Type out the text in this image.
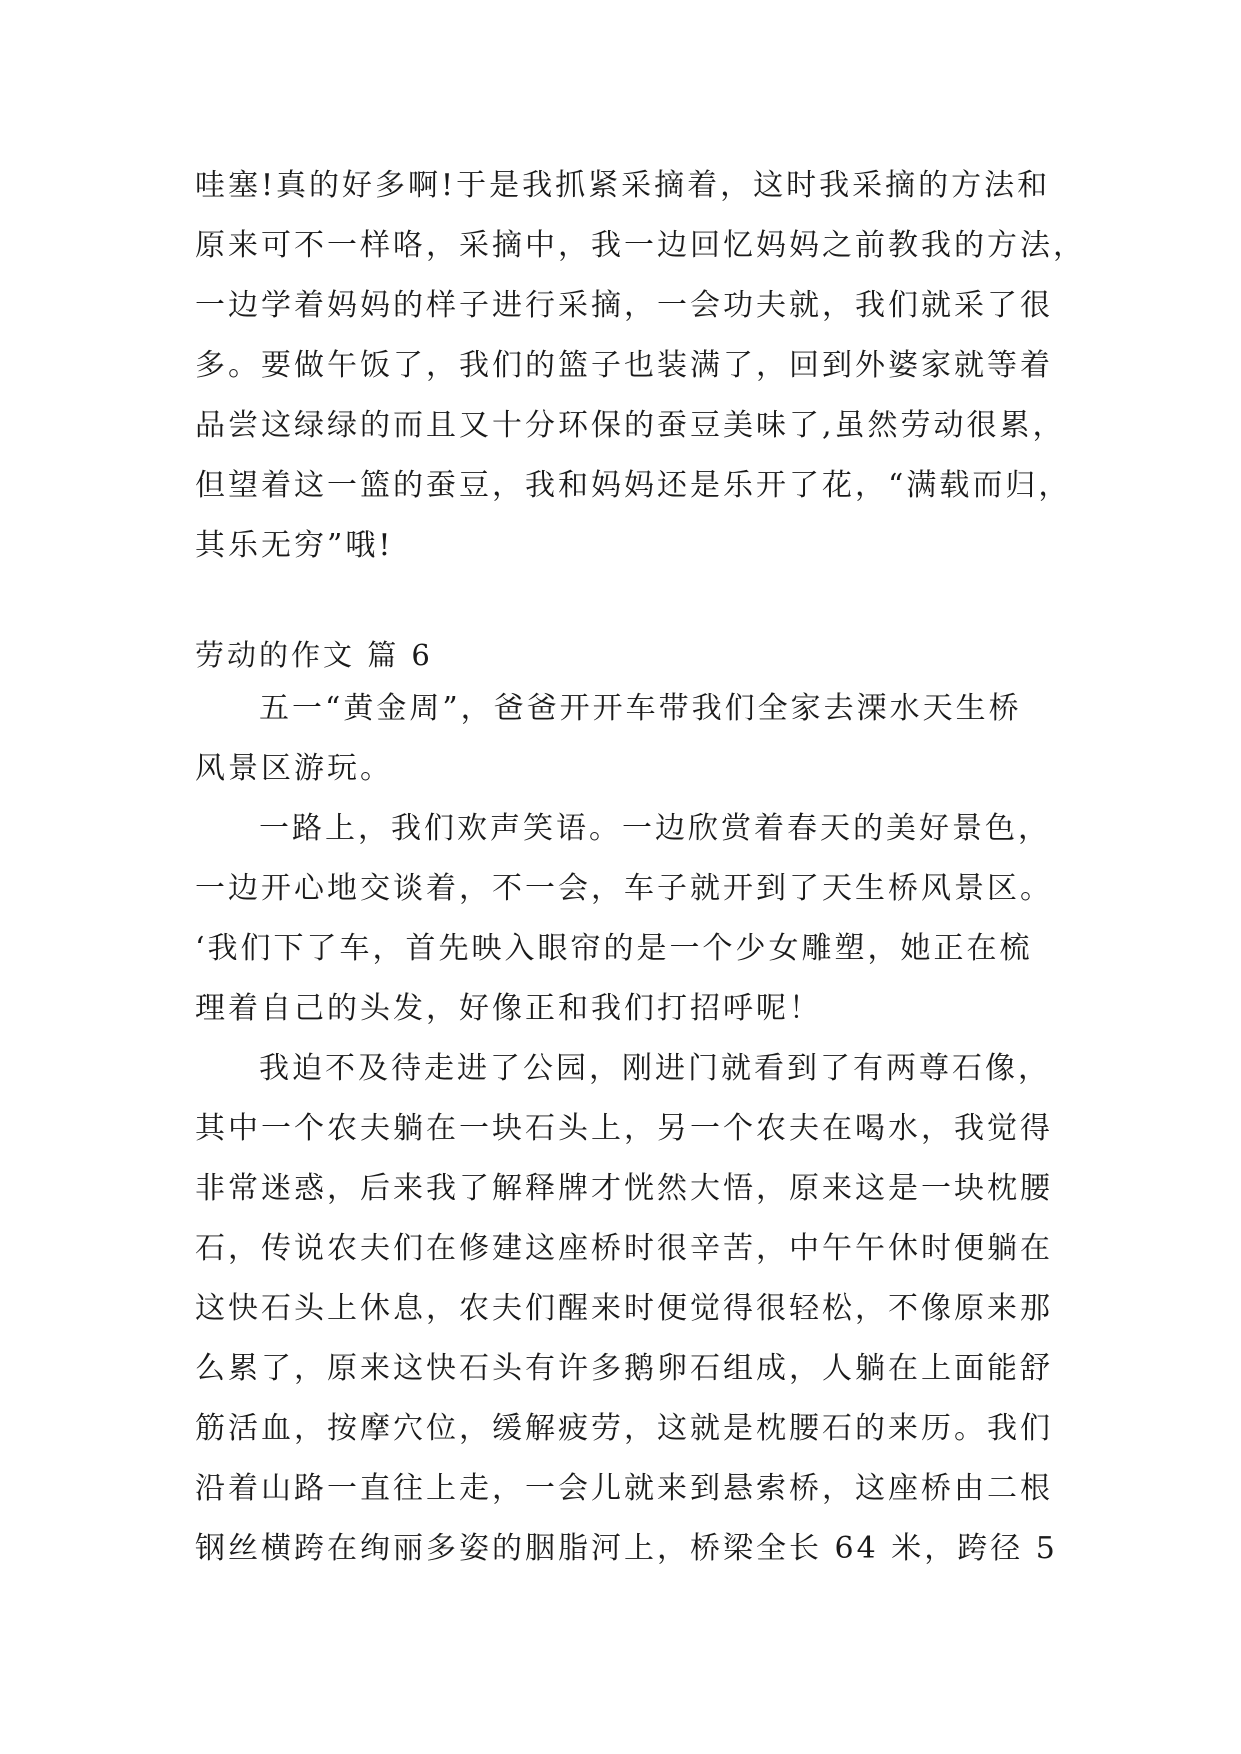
哇塞!真的好多啊!于是我抓紧采摘着，这时我采摘的方法和
原来可不一样咯，采摘中，我一边回忆妈妈之前教我的方法，
一边学着妈妈的样子进行采摘，一会功夫就，我们就采了很
多。要做午饭了，我们的篮子也装满了，回到外婆家就等着
品尝这绿绿的而且又十分环保的蚕豆美味了,虽然劳动很累，
但望着这一篮的蚕豆，我和妈妈还是乐开了花，“满载而归，
其乐无穷”哦!
劳动的作文 篇 6
五一“黄金周”，爸爸开开车带我们全家去溧水天生桥
风景区游玩。
一路上，我们欢声笑语。一边欣赏着春天的美好景色，
一边开心地交谈着，不一会，车子就开到了天生桥风景区。
‘我们下了车，首先映入眼帘的是一个少女雕塑，她正在梳
理着自己的头发，好像正和我们打招呼呢！
我迫不及待走进了公园，刚进门就看到了有两尊石像，
其中一个农夫躺在一块石头上，另一个农夫在喝水，我觉得
非常迷惑，后来我了解释牌才恍然大悟，原来这是一块枕腰
石，传说农夫们在修建这座桥时很辛苦，中午午休时便躺在
这快石头上休息，农夫们醒来时便觉得很轻松，不像原来那
么累了，原来这快石头有许多鹅卵石组成，人躺在上面能舒
筋活血，按摩穴位，缓解疲劳，这就是枕腰石的来历。我们
沿着山路一直往上走，一会儿就来到悬索桥，这座桥由二根
钢丝横跨在绚丽多姿的胭脂河上，桥梁全长 64 米，跨径 5
